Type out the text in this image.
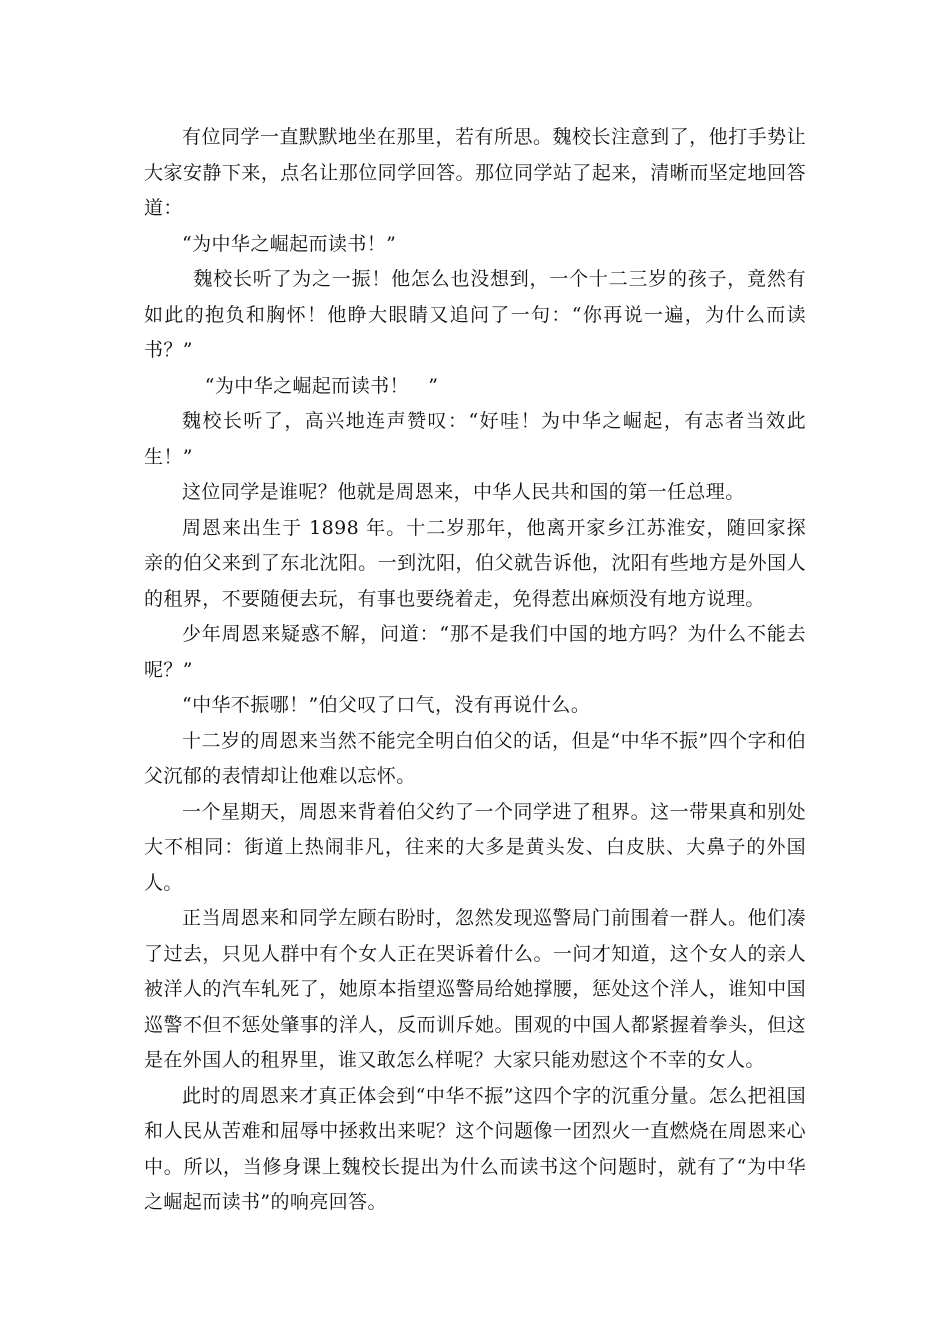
有位同学一直默默地坐在那里，若有所思。魏校长注意到了，他打手势让大家安静下来，点名让那位同学回答。那位同学站了起来，清晰而坚定地回答道：

“为中华之崛起而读书！”

魏校长听了为之一振！他怎么也没想到，一个十二三岁的孩子，竟然有如此的抱负和胸怀！他睁大眼睛又追问了一句：“你再说一遍，为什么而读书？”

“为中华之崛起而读书！　”

魏校长听了，高兴地连声赞叹：“好哇！为中华之崛起，有志者当效此生！”

这位同学是谁呢？他就是周恩来，中华人民共和国的第一任总理。

周恩来出生于 1898 年。十二岁那年，他离开家乡江苏淮安，随回家探亲的伯父来到了东北沈阳。一到沈阳，伯父就告诉他，沈阳有些地方是外国人的租界，不要随便去玩，有事也要绕着走，免得惹出麻烦没有地方说理。

少年周恩来疑惑不解，问道：“那不是我们中国的地方吗？为什么不能去呢？”

“中华不振哪！”伯父叹了口气，没有再说什么。

十二岁的周恩来当然不能完全明白伯父的话，但是“中华不振”四个字和伯父沉郁的表情却让他难以忘怀。

一个星期天，周恩来背着伯父约了一个同学进了租界。这一带果真和别处大不相同：街道上热闹非凡，往来的大多是黄头发、白皮肤、大鼻子的外国人。

正当周恩来和同学左顾右盼时，忽然发现巡警局门前围着一群人。他们凑了过去，只见人群中有个女人正在哭诉着什么。一问才知道，这个女人的亲人被洋人的汽车轧死了，她原本指望巡警局给她撑腰，惩处这个洋人，谁知中国巡警不但不惩处肇事的洋人，反而训斥她。围观的中国人都紧握着拳头，但这是在外国人的租界里，谁又敢怎么样呢？大家只能劝慰这个不幸的女人。

此时的周恩来才真正体会到“中华不振”这四个字的沉重分量。怎么把祖国和人民从苦难和屈辱中拯救出来呢？这个问题像一团烈火一直燃烧在周恩来心中。所以，当修身课上魏校长提出为什么而读书这个问题时，就有了“为中华之崛起而读书”的响亮回答。
